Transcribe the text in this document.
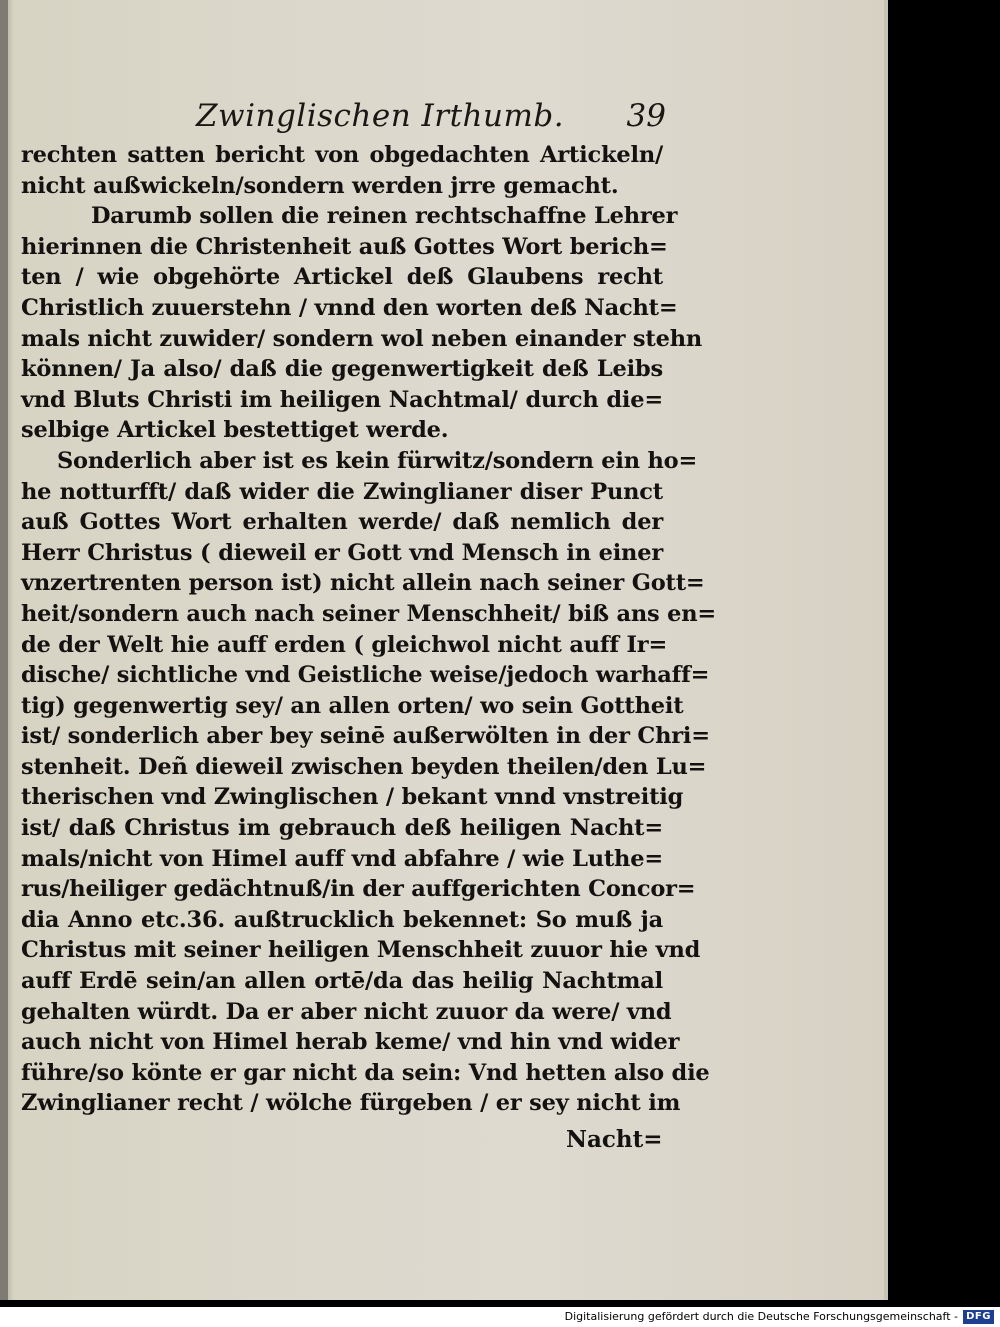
Zwinglischen Irthumb. 39
rechten satten bericht von obgedachten Artickeln/
nicht außwickeln/sondern werden jrre gemacht.
Darumb sollen die reinen rechtschaffne Lehrer
hierinnen die Christenheit auß Gottes Wort berich=
ten / wie obgehörte Artickel deß Glaubens recht
Christlich zuuerstehn / vnnd den worten deß Nacht=
mals nicht zuwider/ sondern wol neben einander stehn
können/ Ja also/ daß die gegenwertigkeit deß Leibs
vnd Bluts Christi im heiligen Nachtmal/ durch die=
selbige Artickel bestettiget werde.
Sonderlich aber ist es kein fürwitz/sondern ein ho=
he notturfft/ daß wider die Zwinglianer diser Punct
auß Gottes Wort erhalten werde/ daß nemlich der
Herr Christus ( dieweil er Gott vnd Mensch in einer
vnzertrenten person ist) nicht allein nach seiner Gott=
heit/sondern auch nach seiner Menschheit/ biß ans en=
de der Welt hie auff erden ( gleichwol nicht auff Ir=
dische/ sichtliche vnd Geistliche weise/jedoch warhaff=
tig) gegenwertig sey/ an allen orten/ wo sein Gottheit
ist/ sonderlich aber bey seinē außerwölten in der Chri=
stenheit. Deñ dieweil zwischen beyden theilen/den Lu=
therischen vnd Zwinglischen / bekant vnnd vnstreitig
ist/ daß Christus im gebrauch deß heiligen Nacht=
mals/nicht von Himel auff vnd abfahre / wie Luthe=
rus/heiliger gedächtnuß/in der auffgerichten Concor=
dia Anno etc.36. außtrucklich bekennet: So muß ja
Christus mit seiner heiligen Menschheit zuuor hie vnd
auff Erdē sein/an allen ortē/da das heilig Nachtmal
gehalten würdt. Da er aber nicht zuuor da were/ vnd
auch nicht von Himel herab keme/ vnd hin vnd wider
führe/so könte er gar nicht da sein: Vnd hetten also die
Zwinglianer recht / wölche fürgeben / er sey nicht im
Nacht=
Digitalisierung gefördert durch die Deutsche Forschungsgemeinschaft - DFG
